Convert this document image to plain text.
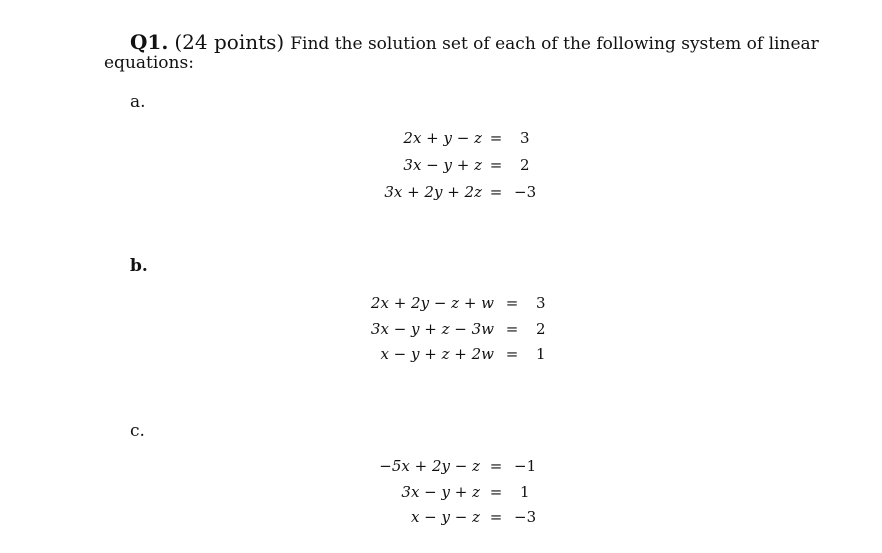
Q1. (24 points) Find the solution set of each of the following system of linear
equations:
a.
2x + y − z = 3
3x − y + z = 2
3x + 2y + 2z = −3
b.
2x + 2y − z + w = 3
3x − y + z − 3w = 2
x − y + z + 2w = 1
c.
−5x + 2y − z = −1
3x − y + z = 1
x − y − z = −3
